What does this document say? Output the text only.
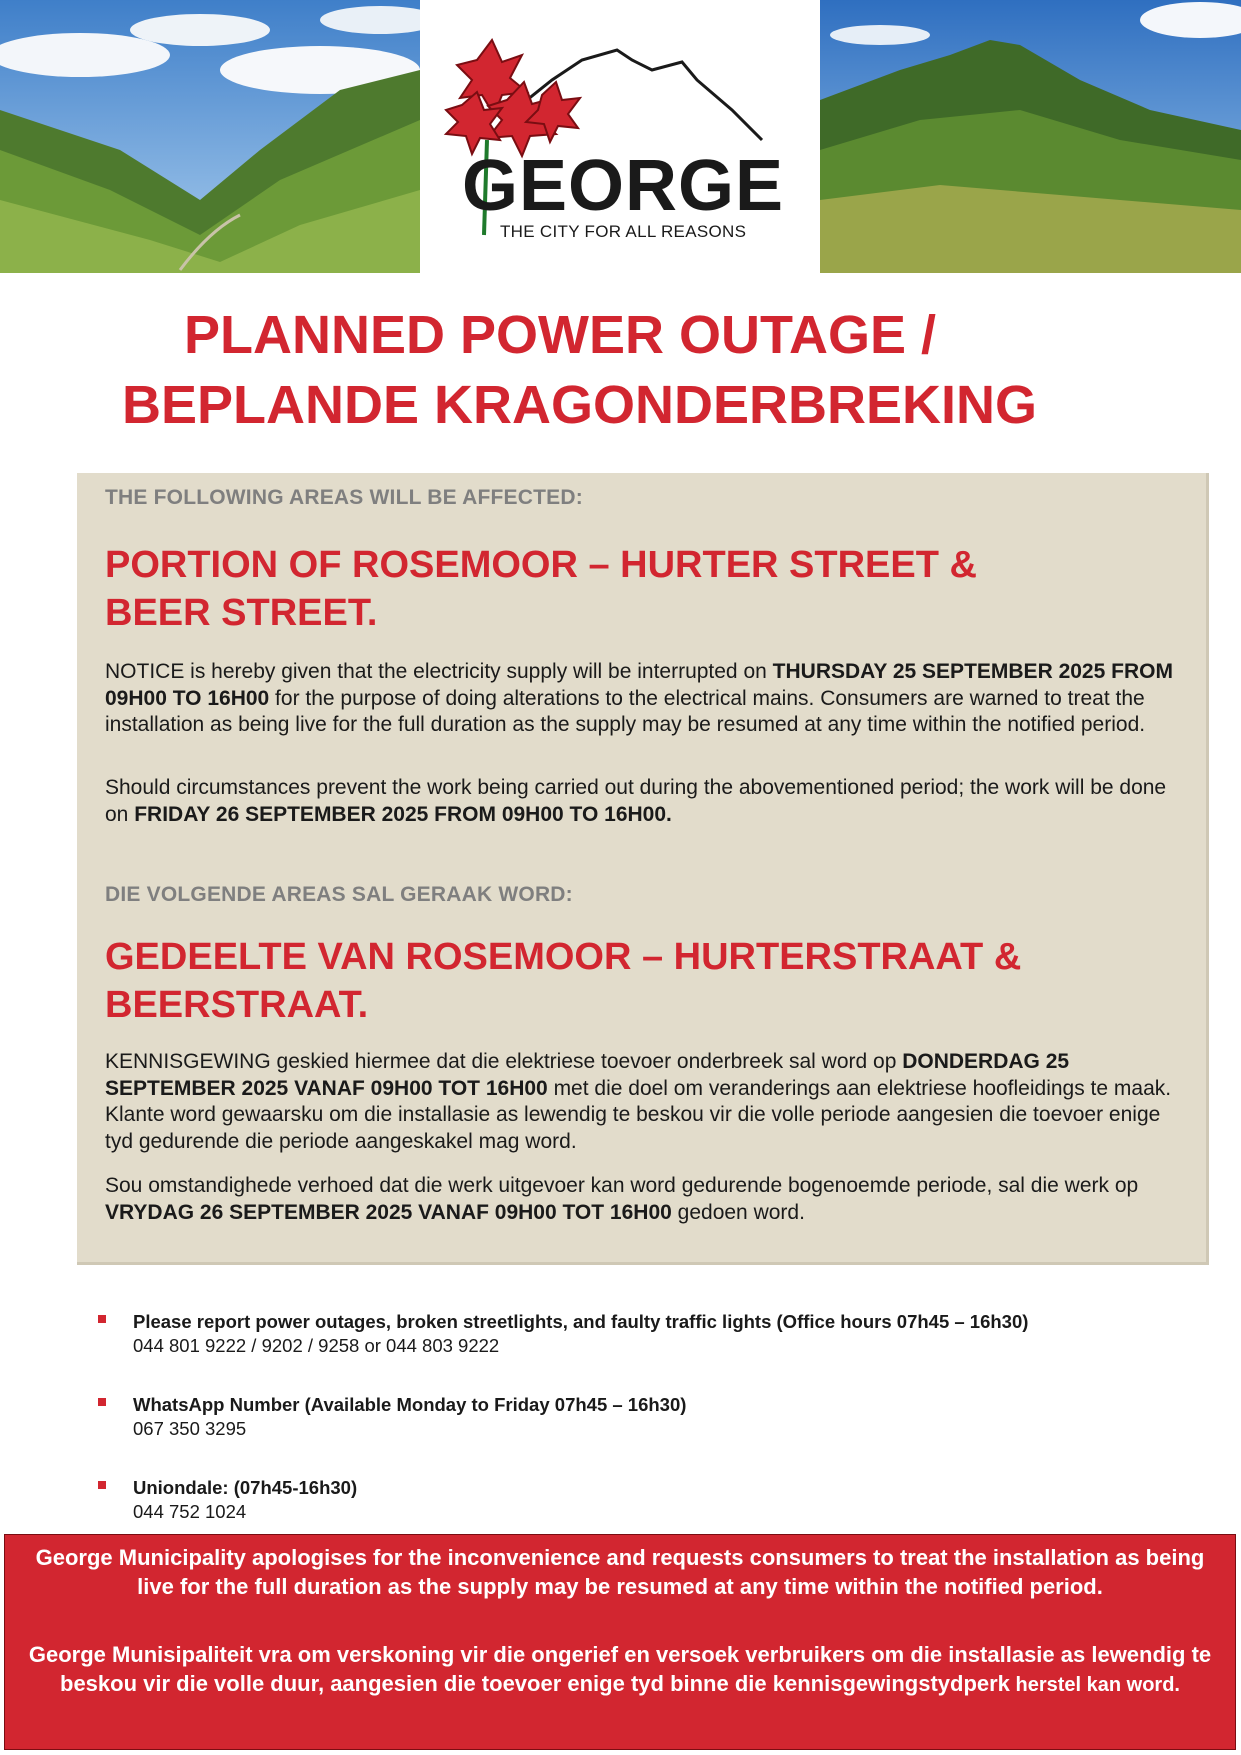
GEORGE
THE CITY FOR ALL REASONS
PLANNED POWER OUTAGE /
BEPLANDE KRAGONDERBREKING
THE FOLLOWING AREAS WILL BE AFFECTED:
PORTION OF ROSEMOOR – HURTER STREET &
BEER STREET.
NOTICE is hereby given that the electricity supply will be interrupted on THURSDAY 25 SEPTEMBER 2025 FROM 09H00 TO 16H00 for the purpose of doing alterations to the electrical mains. Consumers are warned to treat the installation as being live for the full duration as the supply may be resumed at any time within the notified period.
Should circumstances prevent the work being carried out during the abovementioned period; the work will be done on FRIDAY 26 SEPTEMBER 2025 FROM 09H00 TO 16H00.
DIE VOLGENDE AREAS SAL GERAAK WORD:
GEDEELTE VAN ROSEMOOR – HURTERSTRAAT &
BEERSTRAAT.
KENNISGEWING geskied hiermee dat die elektriese toevoer onderbreek sal word op DONDERDAG 25 SEPTEMBER 2025 VANAF 09H00 TOT 16H00 met die doel om veranderings aan elektriese hoofleidings te maak. Klante word gewaarsku om die installasie as lewendig te beskou vir die volle periode aangesien die toevoer enige tyd gedurende die periode aangeskakel mag word.
Sou omstandighede verhoed dat die werk uitgevoer kan word gedurende bogenoemde periode, sal die werk op VRYDAG 26 SEPTEMBER 2025 VANAF 09H00 TOT 16H00 gedoen word.
Please report power outages, broken streetlights, and faulty traffic lights (Office hours 07h45 – 16h30)
044 801 9222 / 9202 / 9258 or 044 803 9222
WhatsApp Number (Available Monday to Friday 07h45 – 16h30)
067 350 3295
Uniondale: (07h45-16h30)
044 752 1024
George Municipality apologises for the inconvenience and requests consumers to treat the installation as being live for the full duration as the supply may be resumed at any time within the notified period.
George Munisipaliteit vra om verskoning vir die ongerief en versoek verbruikers om die installasie as lewendig te beskou vir die volle duur, aangesien die toevoer enige tyd binne die kennisgewingstydperk herstel kan word.
